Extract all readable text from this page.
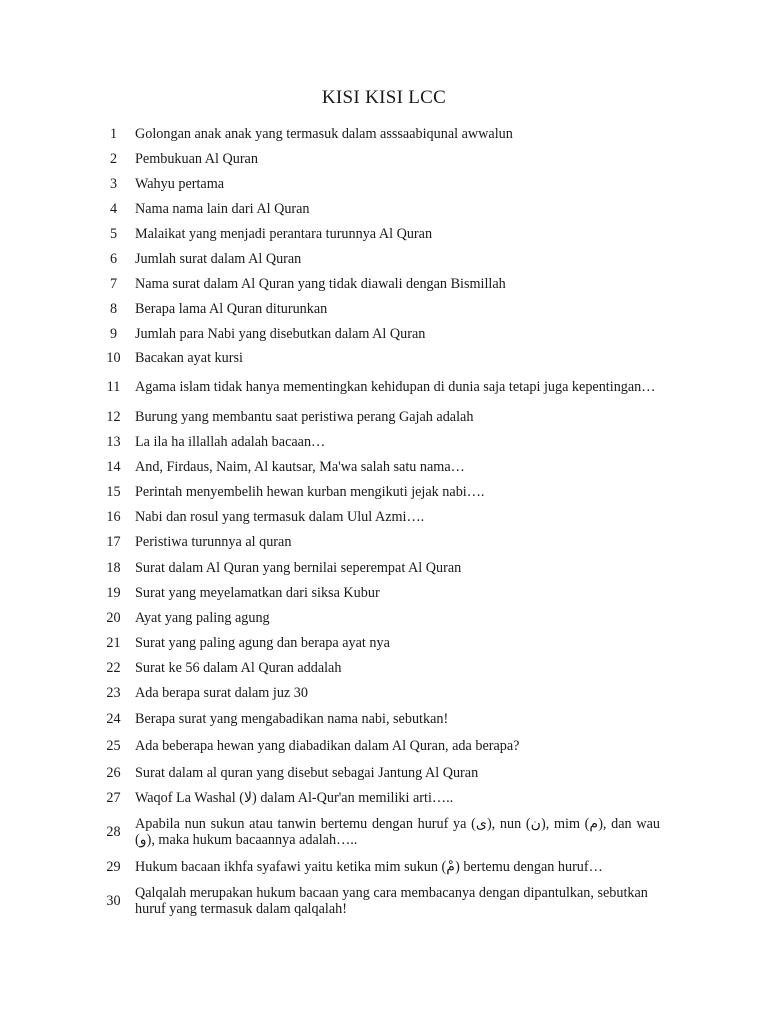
KISI KISI LCC
1	Golongan anak anak yang termasuk dalam asssaabiqunal awwalun
2	Pembukuan Al Quran
3	Wahyu pertama
4	Nama nama lain dari Al Quran
5	Malaikat yang menjadi perantara turunnya Al Quran
6	Jumlah surat dalam Al Quran
7	Nama surat dalam Al Quran yang tidak diawali dengan Bismillah
8	Berapa lama Al Quran diturunkan
9	Jumlah para Nabi yang disebutkan dalam Al Quran
10	Bacakan ayat kursi
11	Agama islam tidak hanya mementingkan kehidupan di dunia saja tetapi juga kepentingan…
12	Burung yang membantu saat peristiwa perang Gajah adalah
13	La ila ha illallah adalah bacaan…
14	And, Firdaus, Naim, Al kautsar, Ma'wa salah satu nama…
15	Perintah menyembelih hewan kurban mengikuti jejak nabi….
16	Nabi dan rosul yang termasuk dalam Ulul Azmi….
17	Peristiwa turunnya al quran
18	Surat dalam Al Quran yang bernilai seperempat Al Quran
19	Surat yang meyelamatkan dari siksa Kubur
20	Ayat yang paling agung
21	Surat yang paling agung dan berapa ayat nya
22	Surat ke 56 dalam Al Quran addalah
23	Ada berapa surat dalam juz 30
24	Berapa surat yang mengabadikan nama nabi, sebutkan!
25	Ada beberapa hewan yang diabadikan dalam Al Quran, ada berapa?
26	Surat dalam al quran yang disebut sebagai Jantung Al Quran
27	Waqof La Washal (لا) dalam Al-Qur'an memiliki arti…..
28	Apabila nun sukun atau tanwin bertemu dengan huruf ya (ى), nun (ن), mim (م), dan wau (و), maka hukum bacaannya adalah…..
29	Hukum bacaan ikhfa syafawi yaitu ketika mim sukun (مْ) bertemu dengan huruf…
30	Qalqalah merupakan hukum bacaan yang cara membacanya dengan dipantulkan, sebutkan huruf yang termasuk dalam qalqalah!
